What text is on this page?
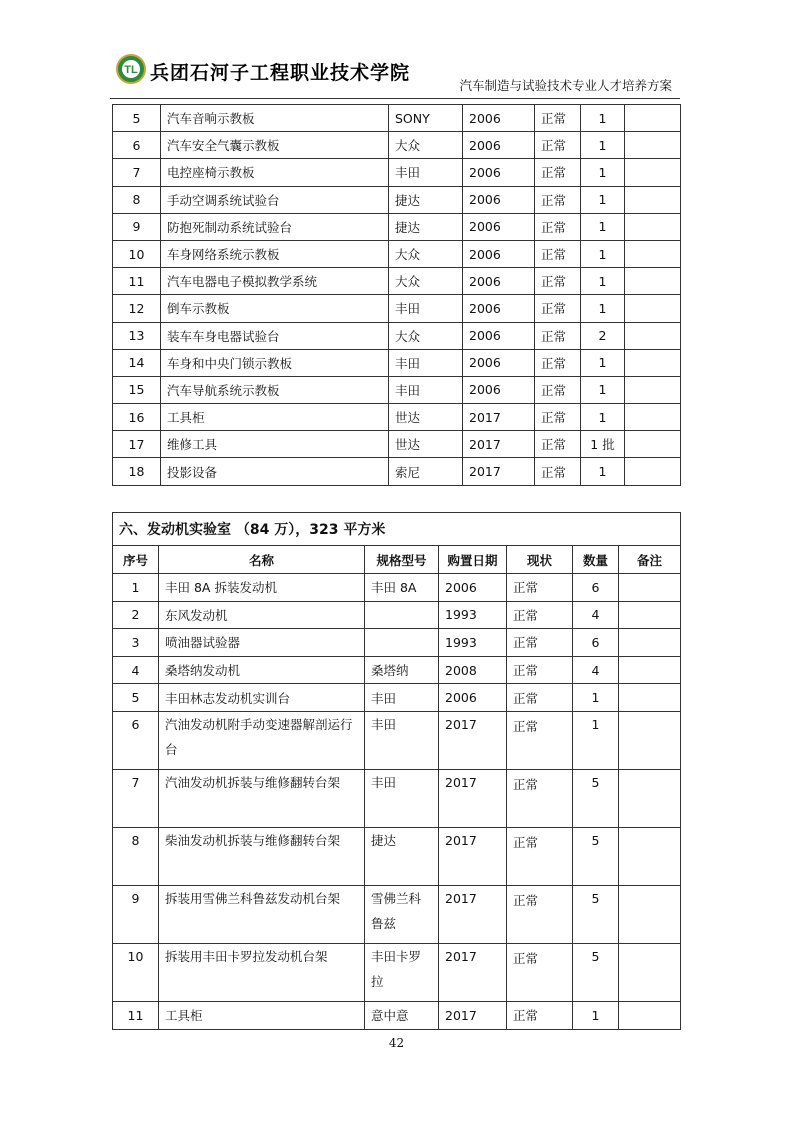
TL 兵团石河子工程职业技术学院
汽车制造与试验技术专业人才培养方案
5	汽车音响示教板	SONY	2006	正常	1	
6	汽车安全气囊示教板	大众	2006	正常	1	
7	电控座椅示教板	丰田	2006	正常	1	
8	手动空调系统试验台	捷达	2006	正常	1	
9	防抱死制动系统试验台	捷达	2006	正常	1	
10	车身网络系统示教板	大众	2006	正常	1	
11	汽车电器电子模拟教学系统	大众	2006	正常	1	
12	倒车示教板	丰田	2006	正常	1	
13	装车车身电器试验台	大众	2006	正常	2	
14	车身和中央门锁示教板	丰田	2006	正常	1	
15	汽车导航系统示教板	丰田	2006	正常	1	
16	工具柜	世达	2017	正常	1	
17	维修工具	世达	2017	正常	1 批	
18	投影设备	索尼	2017	正常	1	
六、发动机实验室 （84 万），323 平方米						
序号	名称	规格型号	购置日期	现状	数量	备注
1	丰田 8A 拆装发动机	丰田 8A	2006	正常	6	
2	东风发动机		1993	正常	4	
3	喷油器试验器		1993	正常	6	
4	桑塔纳发动机	桑塔纳	2008	正常	4	
5	丰田林志发动机实训台	丰田	2006	正常	1	
6	汽油发动机附手动变速器解剖运行台	丰田	2017	正常	1	
7	汽油发动机拆装与维修翻转台架	丰田	2017	正常	5	
8	柴油发动机拆装与维修翻转台架	捷达	2017	正常	5	
9	拆装用雪佛兰科鲁兹发动机台架	雪佛兰科鲁兹	2017	正常	5	
10	拆装用丰田卡罗拉发动机台架	丰田卡罗拉	2017	正常	5	
11	工具柜	意中意	2017	正常	1	
42
